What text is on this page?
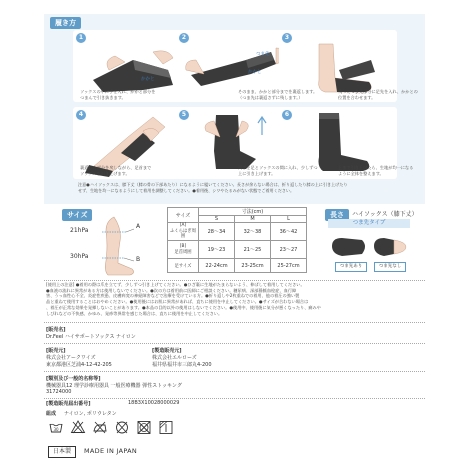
履き方
1
かかと
2
つま先
かかと
3
そのまま、かかと部分までを裏返します。
（つま先は裏返さずに残します。）
ソックスの中に手を入れ、かかと部分を
つまんで引き抜きます。
残ったつま先部分に足先を入れ、かかとの
位置を合わせます。
4	5	6
裏返した部分を戻しながら、足首まで
ソックスを引き上げます。
両手を足とソックスの間に入れ、少しずつ
上に引き上げます。
上まで引き上げたら、生地が均一になる
ように全体を整えます。
注意●ハイソックスは、膝下丈（膝の骨の下部あたり）になるように履いてください。長さが余らない場合は、折り返したり膝の上に引き上げたり
せず、生地を均一になるようにして着用を調整してください。●着用後、シワやたるみがない状態でご着用ください。
サイズ
21hPa
30hPa
A
B
サイズ	寸法(cm)		
	S	M	L
[A]
ふくらはぎ周囲	28〜34	32〜38	36〜42
[B]
足首周囲	19〜23	21〜25	23〜27
足サイズ	22-24cm	23-25cm	25-27cm
長さ	ハイソックス（膝下丈）
つま先タイプ
つま先あり	つま先なし
[使用上の注意] ●着用の際は爪を立てず、少しずつ引き上げてください。●ひざ裏に生地がたまらないよう、伸ばして着用してください。
●血液の流れに異常がある方は使用しないでください。●次の方は着用前に医師にご相談ください。糖尿病、深部静脈血栓症、血行障
害、うっ血性心不全、炎症性疾患、皮膚病変の神経障害などで治療を受けている方。●折り返しや2枚重ねでの着用、他の着圧の強い製
品と重ねて使用することはおやめください。●使用後にはお肌に異常があれば、直ちに使用を中止してください。●サイズが合わない場合は
、着圧が正常な効果を発揮しないことがあります。●本品の目的以外の使用はしないでください。●使用中、使用後に気分が悪くなったり、痛みや
しびれなどの不快感、かゆみ、発疹等異常を感じた場合は、直ちに使用を中止してください。
[販売名]
Dr.Feel ハイサポートソックス ナイロン
[販売元]
株式会社アークワイズ
東京都港区芝浦4-12-42-205
[製造販売元]
株式会社エルローズ
福井県福井市三郎丸4-200
[類別及び一般的名称等]
機械器具12 理学診療用器具 一般医療機器 弾性ストッキング
31724000
[製造販売届出番号]	18B3X10028000029
組成 ナイロン, ポリウレタン
30
日本製	MADE IN JAPAN
